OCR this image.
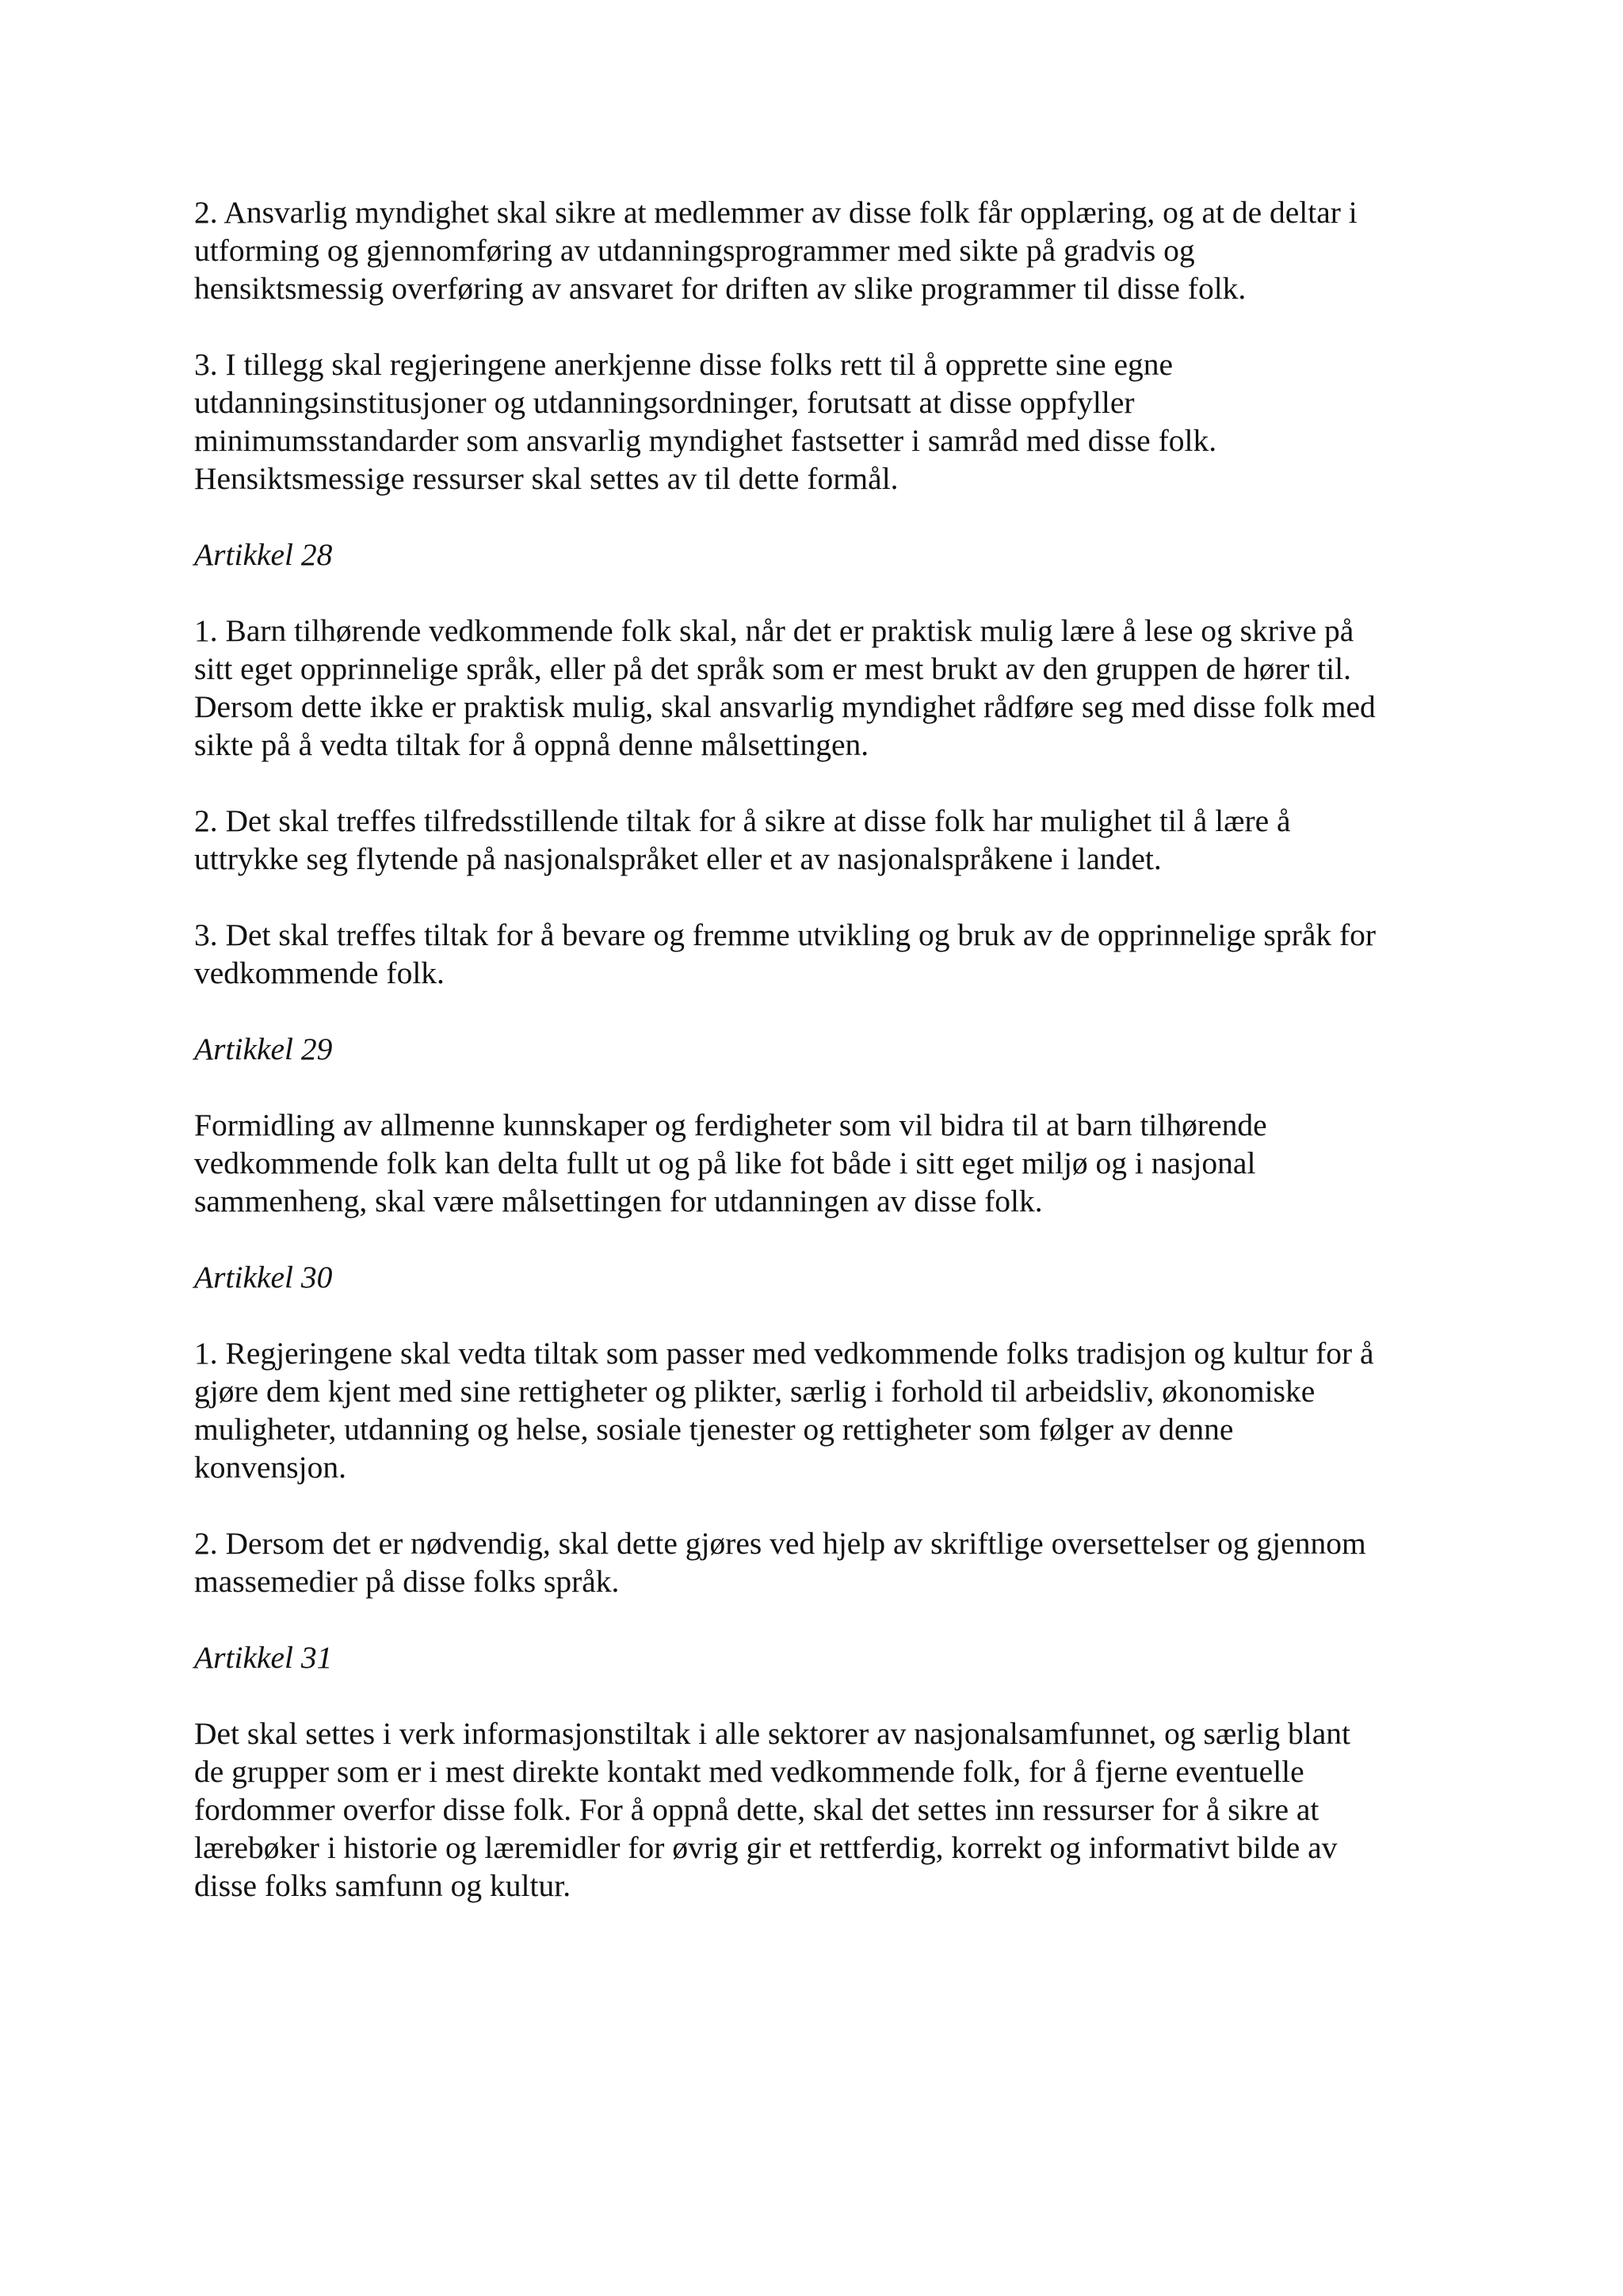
2. Ansvarlig myndighet skal sikre at medlemmer av disse folk får opplæring, og at de deltar i
utforming og gjennomføring av utdanningsprogrammer med sikte på gradvis og
hensiktsmessig overføring av ansvaret for driften av slike programmer til disse folk.

3. I tillegg skal regjeringene anerkjenne disse folks rett til å opprette sine egne
utdanningsinstitusjoner og utdanningsordninger, forutsatt at disse oppfyller
minimumsstandarder som ansvarlig myndighet fastsetter i samråd med disse folk.
Hensiktsmessige ressurser skal settes av til dette formål.

Artikkel 28

1. Barn tilhørende vedkommende folk skal, når det er praktisk mulig lære å lese og skrive på
sitt eget opprinnelige språk, eller på det språk som er mest brukt av den gruppen de hører til.
Dersom dette ikke er praktisk mulig, skal ansvarlig myndighet rådføre seg med disse folk med
sikte på å vedta tiltak for å oppnå denne målsettingen.

2. Det skal treffes tilfredsstillende tiltak for å sikre at disse folk har mulighet til å lære å
uttrykke seg flytende på nasjonalspråket eller et av nasjonalspråkene i landet.

3. Det skal treffes tiltak for å bevare og fremme utvikling og bruk av de opprinnelige språk for
vedkommende folk.

Artikkel 29

Formidling av allmenne kunnskaper og ferdigheter som vil bidra til at barn tilhørende
vedkommende folk kan delta fullt ut og på like fot både i sitt eget miljø og i nasjonal
sammenheng, skal være målsettingen for utdanningen av disse folk.

Artikkel 30

1. Regjeringene skal vedta tiltak som passer med vedkommende folks tradisjon og kultur for å
gjøre dem kjent med sine rettigheter og plikter, særlig i forhold til arbeidsliv, økonomiske
muligheter, utdanning og helse, sosiale tjenester og rettigheter som følger av denne
konvensjon.

2. Dersom det er nødvendig, skal dette gjøres ved hjelp av skriftlige oversettelser og gjennom
massemedier på disse folks språk.

Artikkel 31

Det skal settes i verk informasjonstiltak i alle sektorer av nasjonalsamfunnet, og særlig blant
de grupper som er i mest direkte kontakt med vedkommende folk, for å fjerne eventuelle
fordommer overfor disse folk. For å oppnå dette, skal det settes inn ressurser for å sikre at
lærebøker i historie og læremidler for øvrig gir et rettferdig, korrekt og informativt bilde av
disse folks samfunn og kultur.
